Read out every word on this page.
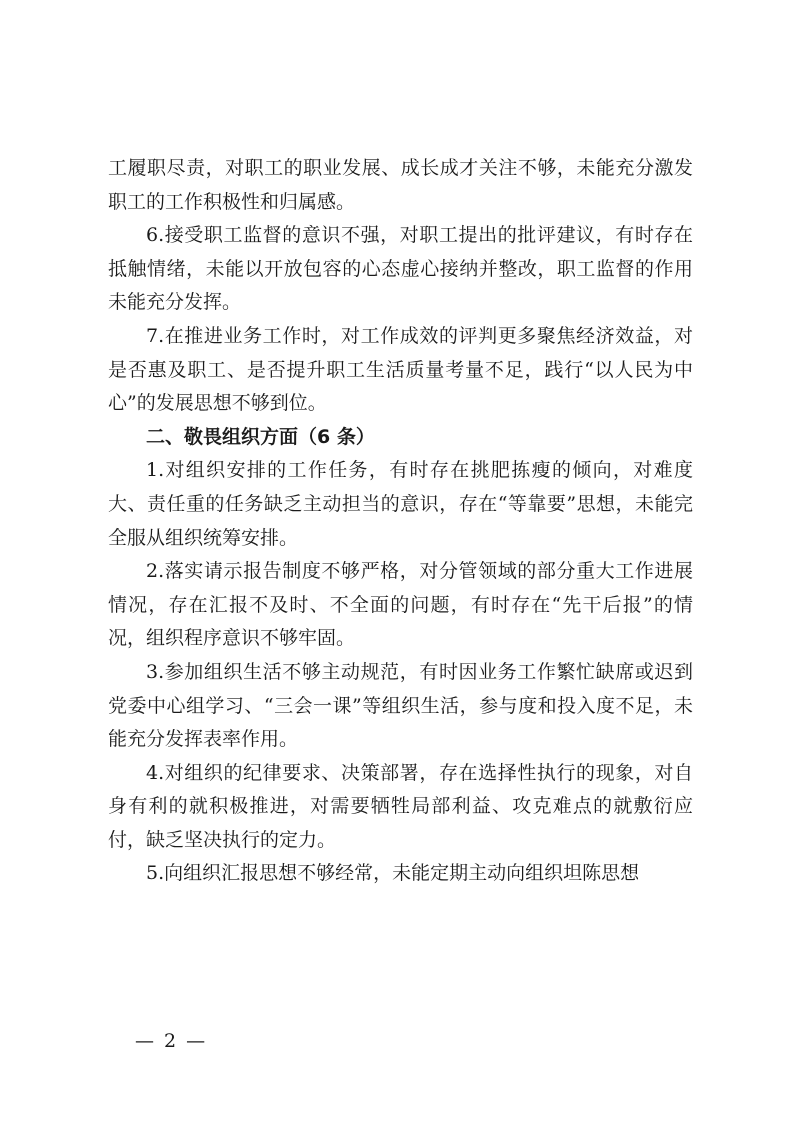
工履职尽责，对职工的职业发展、成长成才关注不够，未能充分激发职工的工作积极性和归属感。

6.接受职工监督的意识不强，对职工提出的批评建议，有时存在抵触情绪，未能以开放包容的心态虚心接纳并整改，职工监督的作用未能充分发挥。

7.在推进业务工作时，对工作成效的评判更多聚焦经济效益，对是否惠及职工、是否提升职工生活质量考量不足，践行“以人民为中心”的发展思想不够到位。

二、敬畏组织方面（6 条）

1.对组织安排的工作任务，有时存在挑肥拣瘦的倾向，对难度大、责任重的任务缺乏主动担当的意识，存在“等靠要”思想，未能完全服从组织统筹安排。

2.落实请示报告制度不够严格，对分管领域的部分重大工作进展情况，存在汇报不及时、不全面的问题，有时存在“先干后报”的情况，组织程序意识不够牢固。

3.参加组织生活不够主动规范，有时因业务工作繁忙缺席或迟到党委中心组学习、“三会一课”等组织生活，参与度和投入度不足，未能充分发挥表率作用。

4.对组织的纪律要求、决策部署，存在选择性执行的现象，对自身有利的就积极推进，对需要牺牲局部利益、攻克难点的就敷衍应付，缺乏坚决执行的定力。

5.向组织汇报思想不够经常，未能定期主动向组织坦陈思想

— 2 —
